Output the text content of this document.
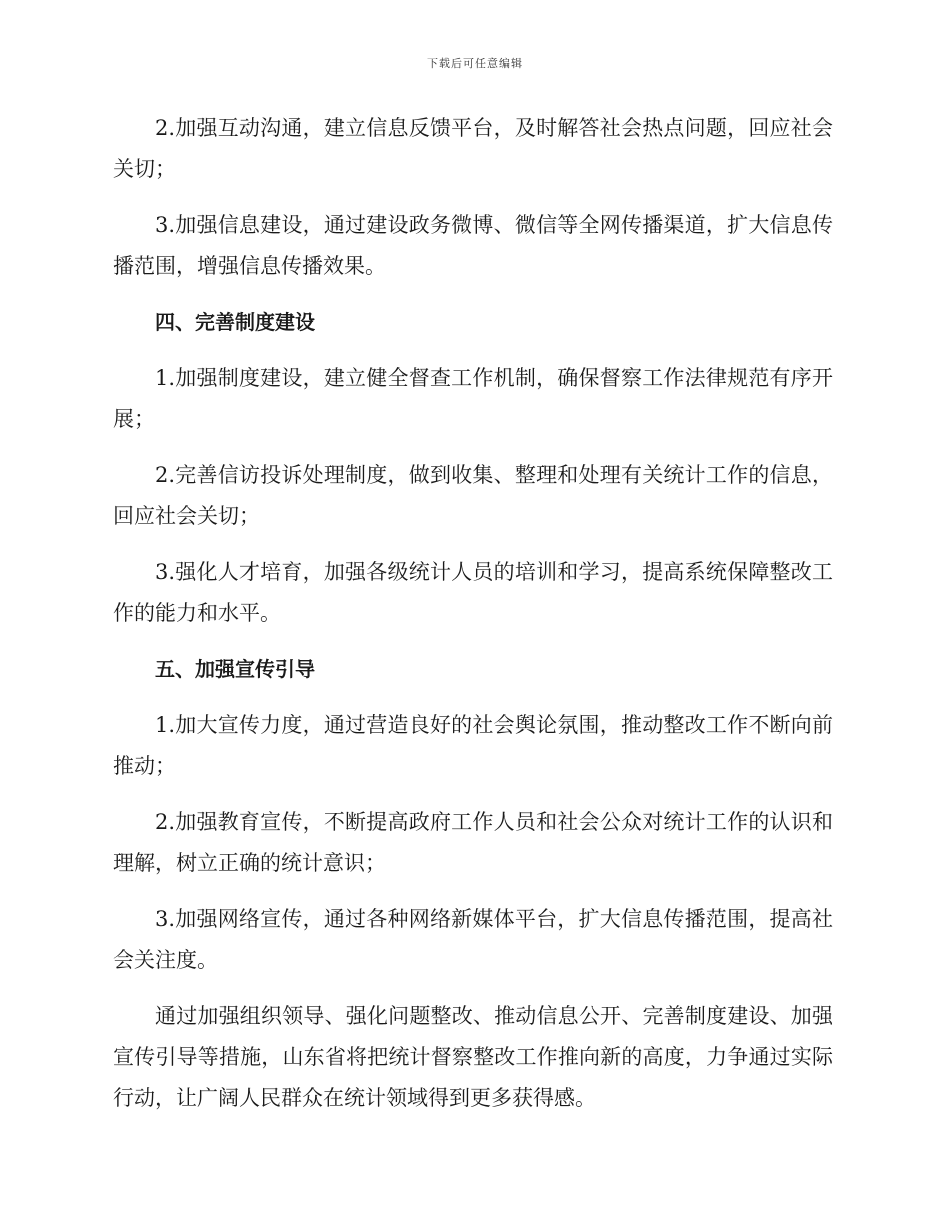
下载后可任意编辑

2.加强互动沟通，建立信息反馈平台，及时解答社会热点问题，回应社会关切；

3.加强信息建设，通过建设政务微博、微信等全网传播渠道，扩大信息传播范围，增强信息传播效果。

四、完善制度建设

1.加强制度建设，建立健全督查工作机制，确保督察工作法律规范有序开展；

2.完善信访投诉处理制度，做到收集、整理和处理有关统计工作的信息，回应社会关切；

3.强化人才培育，加强各级统计人员的培训和学习，提高系统保障整改工作的能力和水平。

五、加强宣传引导

1.加大宣传力度，通过营造良好的社会舆论氛围，推动整改工作不断向前推动；

2.加强教育宣传，不断提高政府工作人员和社会公众对统计工作的认识和理解，树立正确的统计意识；

3.加强网络宣传，通过各种网络新媒体平台，扩大信息传播范围，提高社会关注度。

通过加强组织领导、强化问题整改、推动信息公开、完善制度建设、加强宣传引导等措施，山东省将把统计督察整改工作推向新的高度，力争通过实际行动，让广阔人民群众在统计领域得到更多获得感。
